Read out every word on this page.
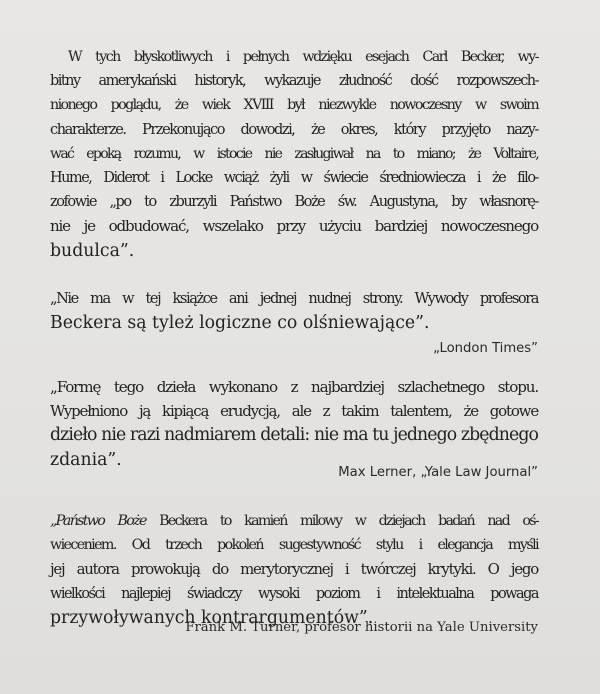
W tych błyskotliwych i pełnych wdzięku esejach Carl Becker, wy-
bitny amerykański historyk, wykazuje złudność dość rozpowszech-
nionego poglądu, że wiek XVIII był niezwykle nowoczesny w swoim
charakterze. Przekonująco dowodzi, że okres, który przyjęto nazy-
wać epoką rozumu, w istocie nie zasługiwał na to miano; że Voltaire,
Hume, Diderot i Locke wciąż żyli w świecie średniowiecza i że filo-
zofowie „po to zburzyli Państwo Boże św. Augustyna, by własnorę-
nie je odbudować, wszelako przy użyciu bardziej nowoczesnego
budulca”.
„Nie ma w tej książce ani jednej nudnej strony. Wywody profesora
Beckera są tyleż logiczne co olśniewające”.
„London Times”
„Formę tego dzieła wykonano z najbardziej szlachetnego stopu.
Wypełniono ją kipiącą erudycją, ale z takim talentem, że gotowe
dzieło nie razi nadmiarem detali: nie ma tu jednego zbędnego
zdania”.
Max Lerner, „Yale Law Journal”
„Państwo Boże Beckera to kamień milowy w dziejach badań nad oś-
wieceniem. Od trzech pokoleń sugestywność stylu i elegancja myśli
jej autora prowokują do merytorycznej i twórczej krytyki. O jego
wielkości najlepiej świadczy wysoki poziom i intelektualna powaga
przywoływanych kontrargumentów”.
Frank M. Turner, profesor historii na Yale University
